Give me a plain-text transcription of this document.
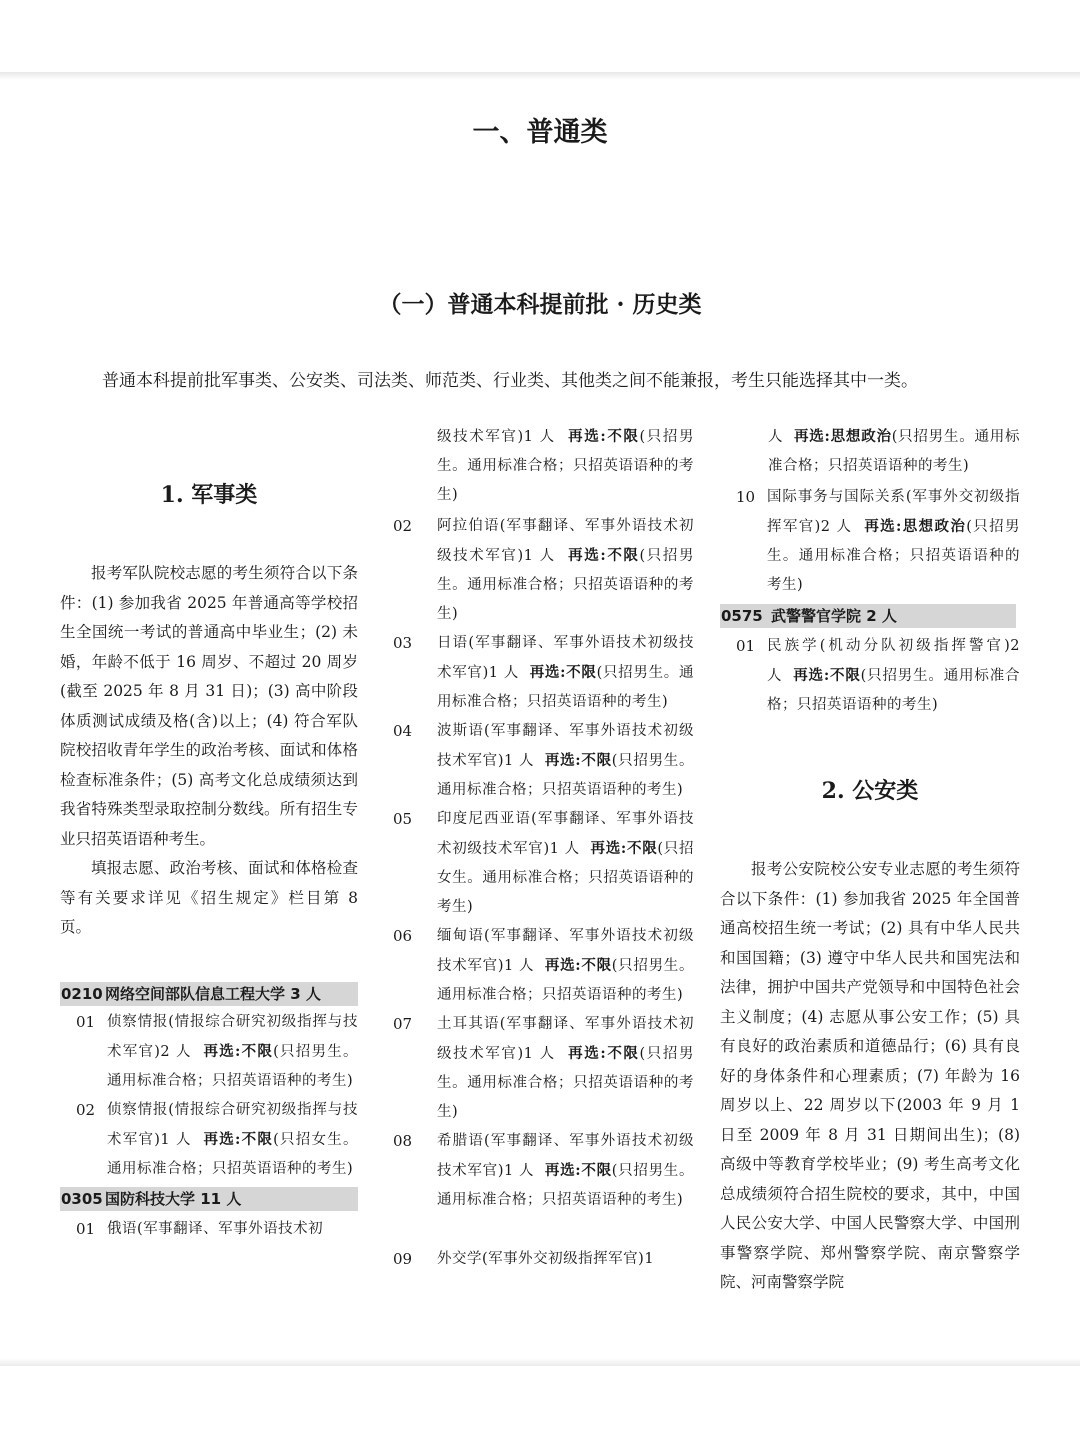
一、普通类
（一）普通本科提前批 · 历史类
普通本科提前批军事类、公安类、司法类、师范类、行业类、其他类之间不能兼报，考生只能选择其中一类。
1. 军事类

报考军队院校志愿的考生须符合以下条件：(1) 参加我省 2025 年普通高等学校招生全国统一考试的普通高中毕业生；(2) 未婚，年龄不低于 16 周岁、不超过 20 周岁(截至 2025 年 8 月 31 日)；(3) 高中阶段体质测试成绩及格(含)以上；(4) 符合军队院校招收青年学生的政治考核、面试和体格检查标准条件；(5) 高考文化总成绩须达到我省特殊类型录取控制分数线。所有招生专业只招英语语种考生。

填报志愿、政治考核、面试和体格检查等有关要求详见《招生规定》栏目第 8 页。

0210 网络空间部队信息工程大学 3 人
01 侦察情报(情报综合研究初级指挥与技术军官)2 人 再选:不限(只招男生。通用标准合格；只招英语语种的考生)
02 侦察情报(情报综合研究初级指挥与技术军官)1 人 再选:不限(只招女生。通用标准合格；只招英语语种的考生)
0305 国防科技大学 11 人
01 俄语(军事翻译、军事外语技术初
级技术军官)1 人 再选:不限(只招男生。通用标准合格；只招英语语种的考生)
02 阿拉伯语(军事翻译、军事外语技术初级技术军官)1 人 再选:不限(只招男生。通用标准合格；只招英语语种的考生)
03 日语(军事翻译、军事外语技术初级技术军官)1 人 再选:不限(只招男生。通用标准合格；只招英语语种的考生)
04 波斯语(军事翻译、军事外语技术初级技术军官)1 人 再选:不限(只招男生。通用标准合格；只招英语语种的考生)
05 印度尼西亚语(军事翻译、军事外语技术初级技术军官)1 人 再选:不限(只招女生。通用标准合格；只招英语语种的考生)
06 缅甸语(军事翻译、军事外语技术初级技术军官)1 人 再选:不限(只招男生。通用标准合格；只招英语语种的考生)
07 土耳其语(军事翻译、军事外语技术初级技术军官)1 人 再选:不限(只招男生。通用标准合格；只招英语语种的考生)
08 希腊语(军事翻译、军事外语技术初级技术军官)1 人 再选:不限(只招男生。通用标准合格；只招英语语种的考生)

09 外交学(军事外交初级指挥军官)1
人 再选:思想政治(只招男生。通用标准合格；只招英语语种的考生)
10 国际事务与国际关系(军事外交初级指挥军官)2 人 再选:思想政治(只招男生。通用标准合格；只招英语语种的考生)
0575 武警警官学院 2 人
01 民族学(机动分队初级指挥警官)2 人 再选:不限(只招男生。通用标准合格；只招英语语种的考生)
2. 公安类

报考公安院校公安专业志愿的考生须符合以下条件：(1) 参加我省 2025 年全国普通高校招生统一考试；(2) 具有中华人民共和国国籍；(3) 遵守中华人民共和国宪法和法律，拥护中国共产党领导和中国特色社会主义制度；(4) 志愿从事公安工作；(5) 具有良好的政治素质和道德品行；(6) 具有良好的身体条件和心理素质；(7) 年龄为 16 周岁以上、22 周岁以下(2003 年 9 月 1 日至 2009 年 8 月 31 日期间出生)；(8) 高级中等教育学校毕业；(9) 考生高考文化总成绩须符合招生院校的要求，其中，中国人民公安大学、中国人民警察大学、中国刑事警察学院、郑州警察学院、南京警察学院、河南警察学院
